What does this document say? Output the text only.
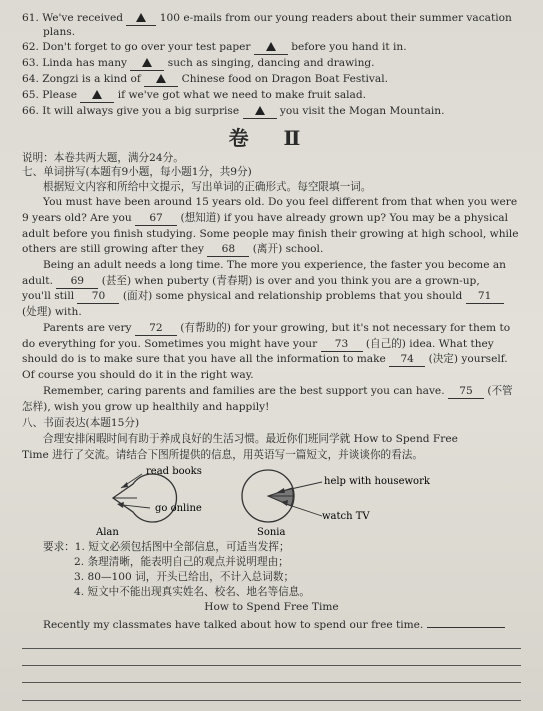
61. We've received	100 e-mails from our young readers about their summer vacation
plans.
62. Don't forget to go over your test paper	before you hand it in.
63. Linda has many	such as singing, dancing and drawing.
64. Zongzi is a kind of	Chinese food on Dragon Boat Festival.
65. Please	if we've got what we need to make fruit salad.
66. It will always give you a big surprise	you visit the Mogan Mountain.
卷 Ⅱ
说明：本卷共两大题，满分24分。
七、单词拼写(本题有9小题，每小题1分，共9分)
根据短文内容和所给中文提示，写出单词的正确形式。每空限填一词。
You must have been around 15 years old. Do you feel different from that when you were
9 years old? Are you 67 (想知道) if you have already grown up? You may be a physical
adult before you finish studying. Some people may finish their growing at high school, while
others are still growing after they 68 (离开) school.
Being an adult needs a long time. The more you experience, the faster you become an
adult. 69 (甚至) when puberty (青春期) is over and you think you are a grown-up,
you'll still 70 (面对) some physical and relationship problems that you should 71
(处理) with.
Parents are very 72 (有帮助的) for your growing, but it's not necessary for them to
do everything for you. Sometimes you might have your 73 (自己的) idea. What they
should do is to make sure that you have all the information to make 74 (决定) yourself.
Of course you should do it in the right way.
Remember, caring parents and families are the best support you can have. 75 (不管
怎样), wish you grow up healthily and happily!
八、书面表达(本题15分)
合理安排闲暇时间有助于养成良好的生活习惯。最近你们班同学就 How to Spend Free
Time 进行了交流。请结合下图所提供的信息，用英语写一篇短文，并谈谈你的看法。
read books
go online
Alan
help with housework
watch TV
Sonia
要求：1. 短文必须包括图中全部信息，可适当发挥；
2. 条理清晰，能表明自己的观点并说明理由；
3. 80—100 词，开头已给出，不计入总词数；
4. 短文中不能出现真实姓名、校名、地名等信息。
How to Spend Free Time
Recently my classmates have talked about how to spend our free time.
